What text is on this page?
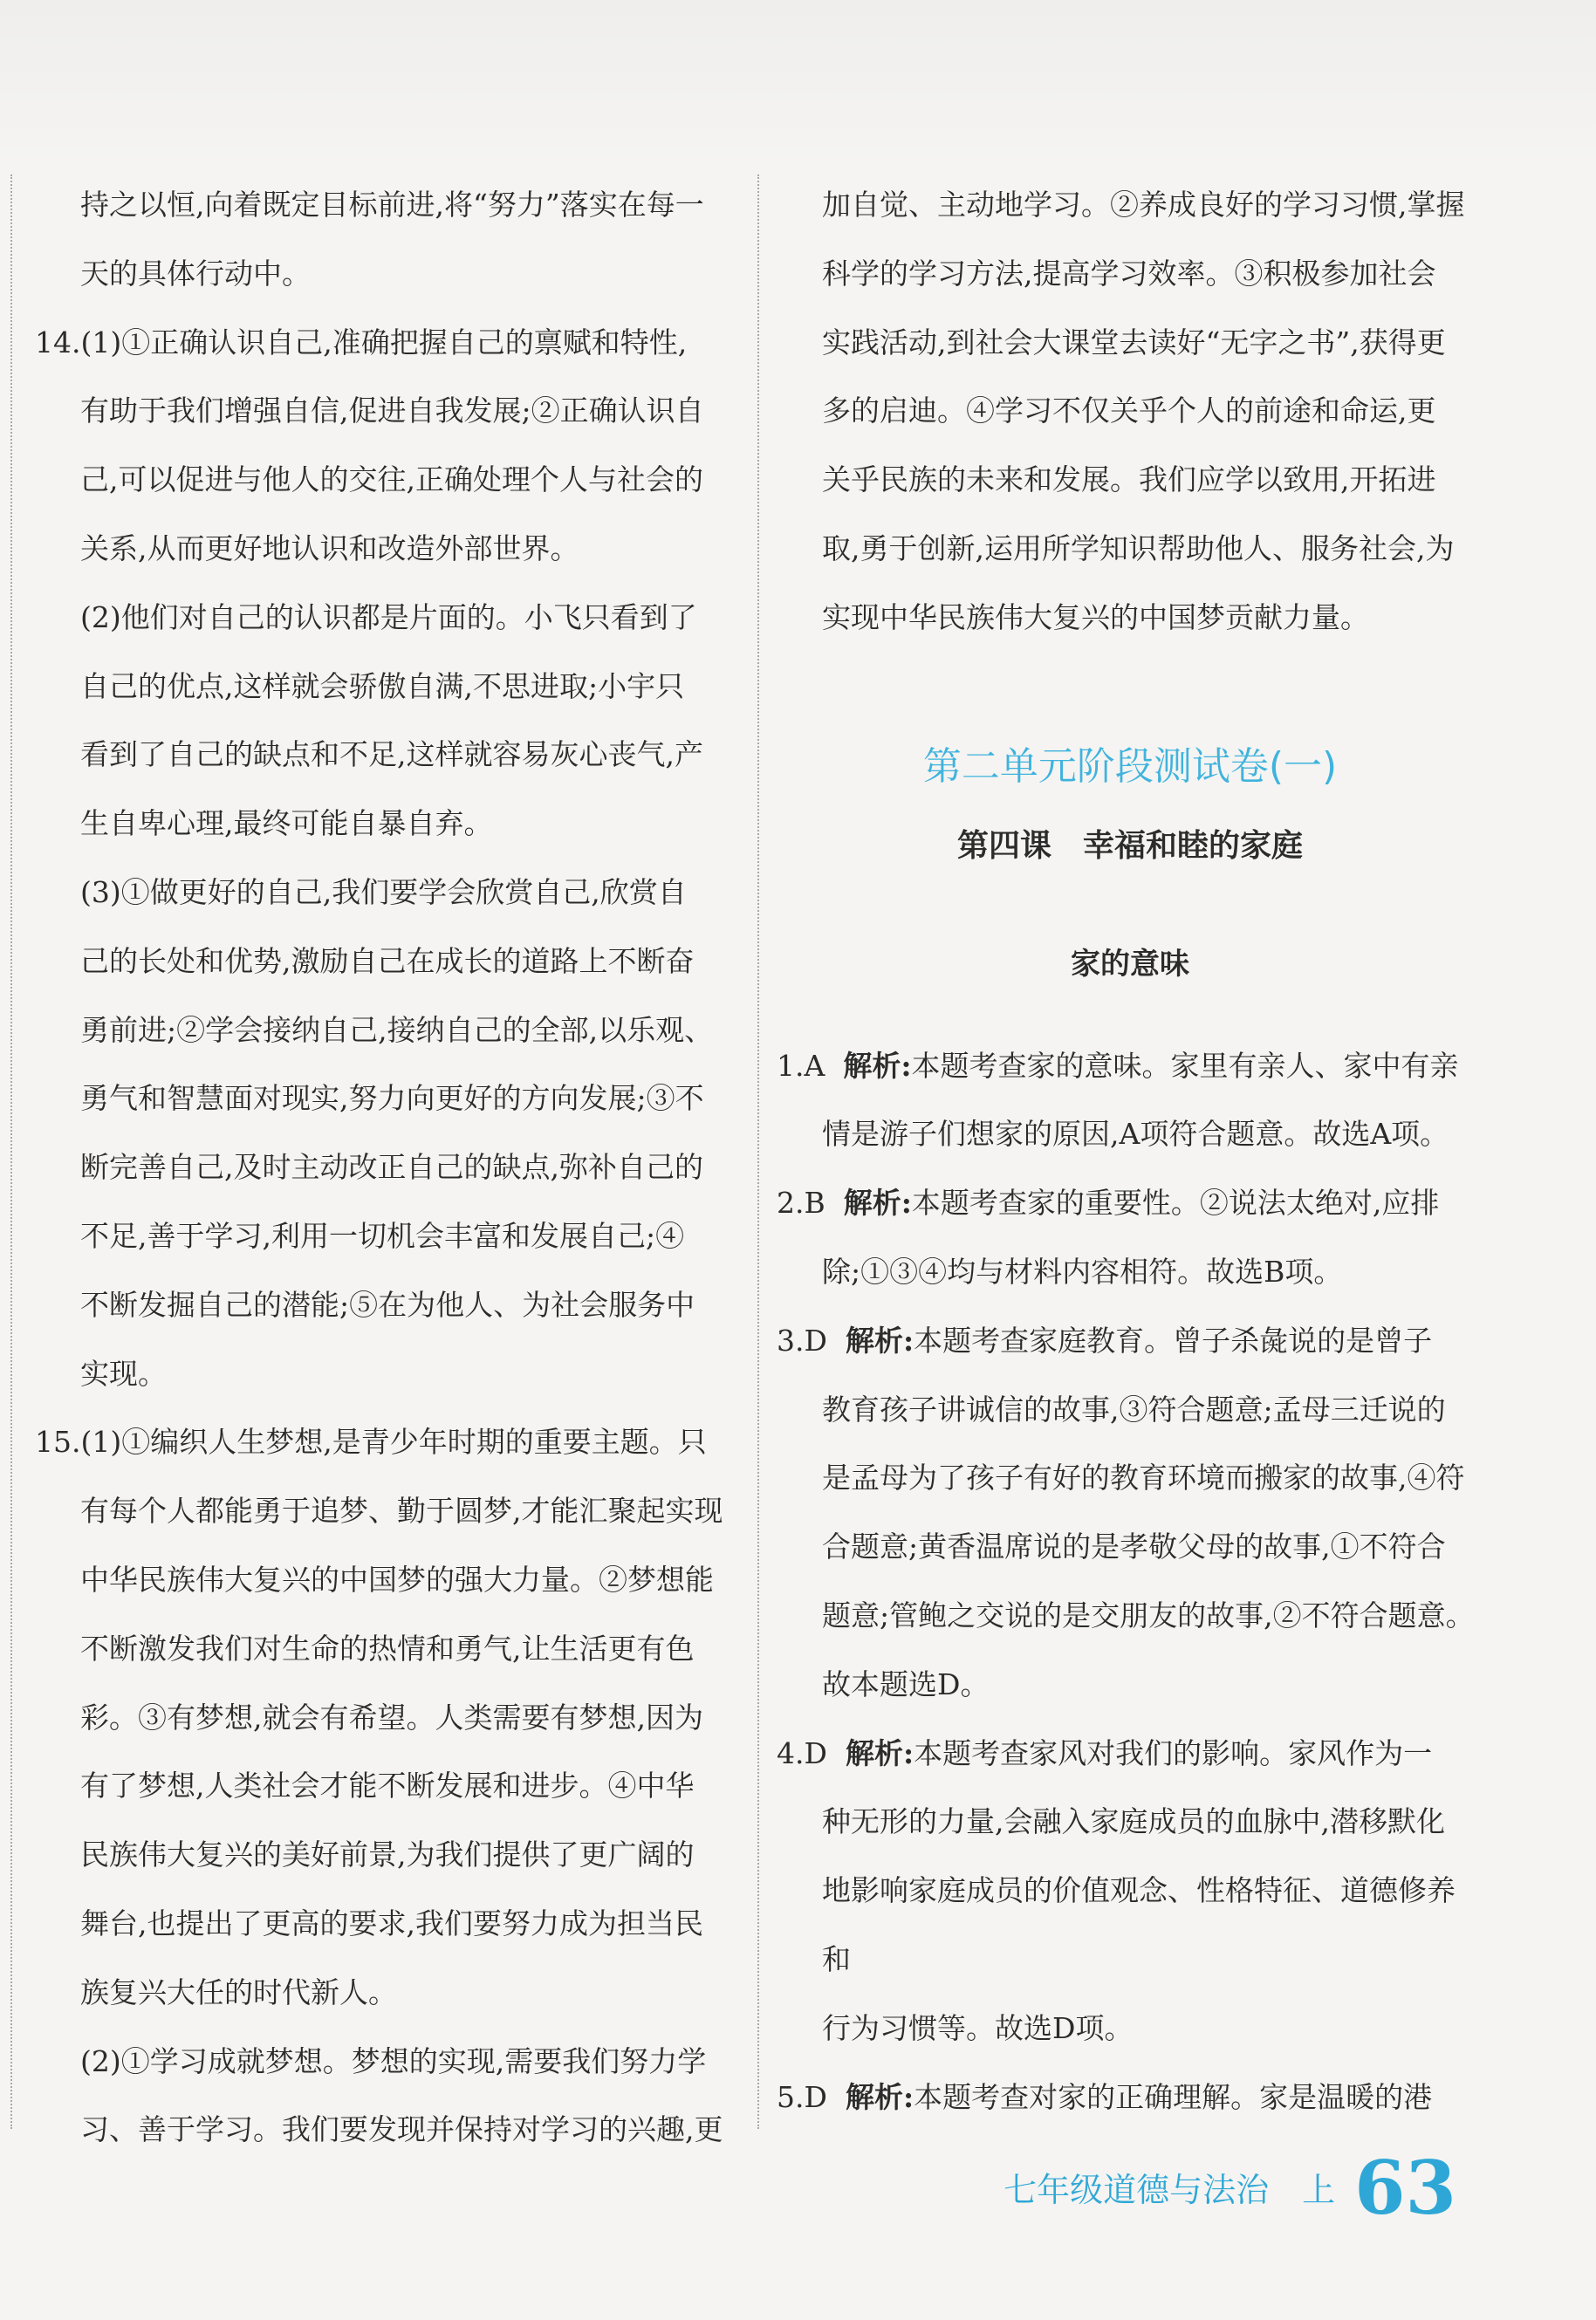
持之以恒,向着既定目标前进,将“努力”落实在每一

天的具体行动中。

14.(1)①正确认识自己,准确把握自己的禀赋和特性,

有助于我们增强自信,促进自我发展;②正确认识自

己,可以促进与他人的交往,正确处理个人与社会的

关系,从而更好地认识和改造外部世界。

(2)他们对自己的认识都是片面的。小飞只看到了

自己的优点,这样就会骄傲自满,不思进取;小宇只

看到了自己的缺点和不足,这样就容易灰心丧气,产

生自卑心理,最终可能自暴自弃。

(3)①做更好的自己,我们要学会欣赏自己,欣赏自

己的长处和优势,激励自己在成长的道路上不断奋

勇前进;②学会接纳自己,接纳自己的全部,以乐观、

勇气和智慧面对现实,努力向更好的方向发展;③不

断完善自己,及时主动改正自己的缺点,弥补自己的

不足,善于学习,利用一切机会丰富和发展自己;④

不断发掘自己的潜能;⑤在为他人、为社会服务中

实现。

15.(1)①编织人生梦想,是青少年时期的重要主题。只

有每个人都能勇于追梦、勤于圆梦,才能汇聚起实现

中华民族伟大复兴的中国梦的强大力量。②梦想能

不断激发我们对生命的热情和勇气,让生活更有色

彩。③有梦想,就会有希望。人类需要有梦想,因为

有了梦想,人类社会才能不断发展和进步。④中华

民族伟大复兴的美好前景,为我们提供了更广阔的

舞台,也提出了更高的要求,我们要努力成为担当民

族复兴大任的时代新人。

(2)①学习成就梦想。梦想的实现,需要我们努力学

习、善于学习。我们要发现并保持对学习的兴趣,更

加自觉、主动地学习。②养成良好的学习习惯,掌握

科学的学习方法,提高学习效率。③积极参加社会

实践活动,到社会大课堂去读好“无字之书”,获得更

多的启迪。④学习不仅关乎个人的前途和命运,更

关乎民族的未来和发展。我们应学以致用,开拓进

取,勇于创新,运用所学知识帮助他人、服务社会,为

实现中华民族伟大复兴的中国梦贡献力量。

第二单元阶段测试卷(一)
第四课　幸福和睦的家庭
家的意味

1.A 解析:本题考查家的意味。家里有亲人、家中有亲

情是游子们想家的原因,A项符合题意。故选A项。

2.B 解析:本题考查家的重要性。②说法太绝对,应排

除;①③④均与材料内容相符。故选B项。

3.D 解析:本题考查家庭教育。曾子杀彘说的是曾子

教育孩子讲诚信的故事,③符合题意;孟母三迁说的

是孟母为了孩子有好的教育环境而搬家的故事,④符

合题意;黄香温席说的是孝敬父母的故事,①不符合

题意;管鲍之交说的是交朋友的故事,②不符合题意。

故本题选D。

4.D 解析:本题考查家风对我们的影响。家风作为一

种无形的力量,会融入家庭成员的血脉中,潜移默化

地影响家庭成员的价值观念、性格特征、道德修养和

行为习惯等。故选D项。

5.D 解析:本题考查对家的正确理解。家是温暖的港

七年级道德与法治　上 63
